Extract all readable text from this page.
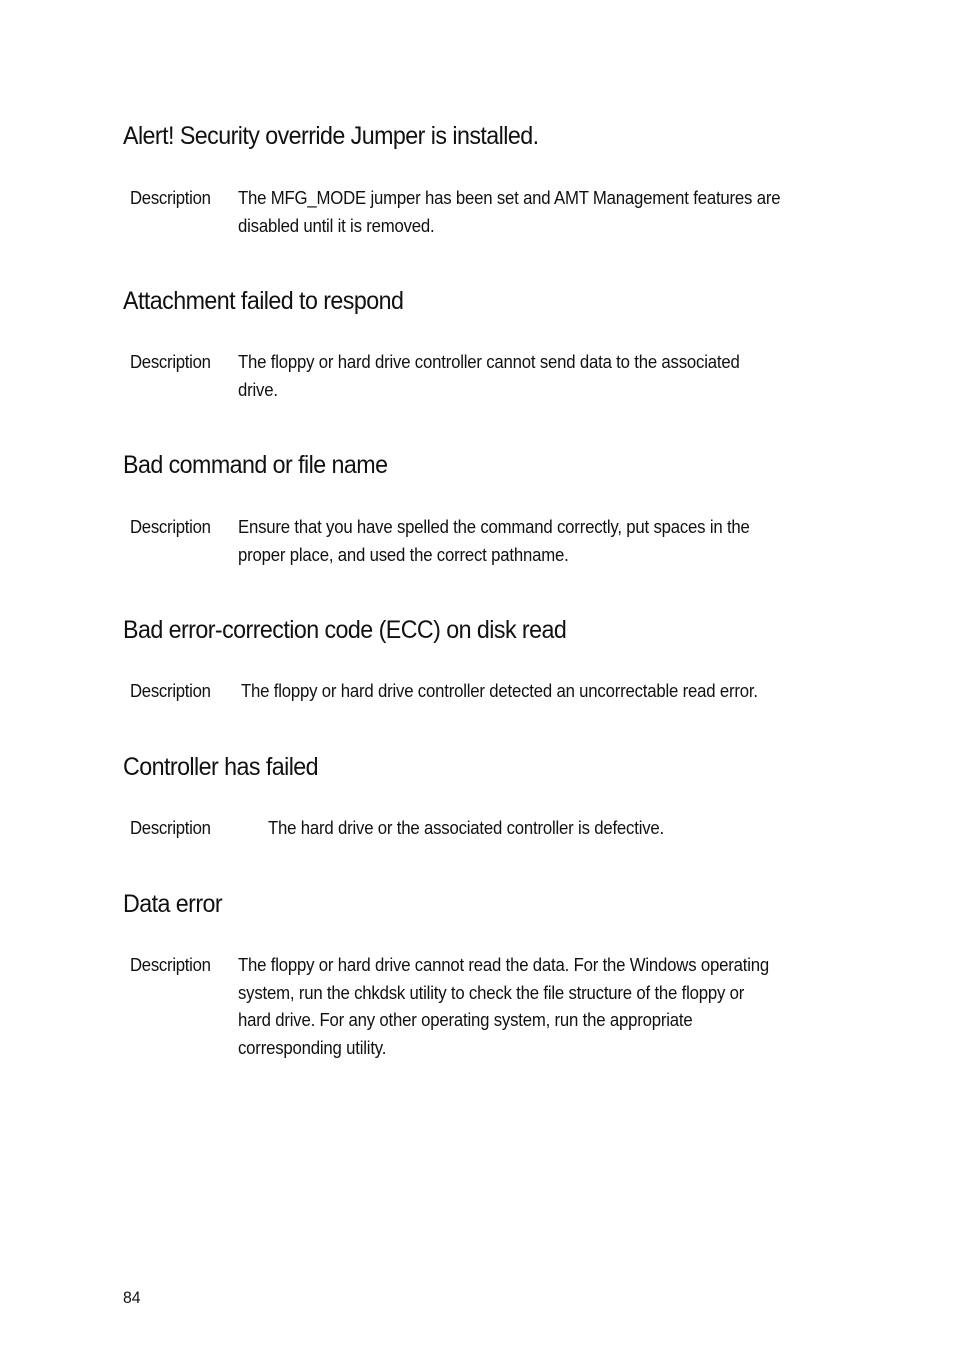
Alert! Security override Jumper is installed.
Description The MFG_MODE jumper has been set and AMT Management features are
disabled until it is removed.
Attachment failed to respond
Description The floppy or hard drive controller cannot send data to the associated
drive.
Bad command or file name
Description Ensure that you have spelled the command correctly, put spaces in the
proper place, and used the correct pathname.
Bad error-correction code (ECC) on disk read
Description The floppy or hard drive controller detected an uncorrectable read error.
Controller has failed
Description	The hard drive or the associated controller is defective.
Data error
Description The floppy or hard drive cannot read the data. For the Windows operating
system, run the chkdsk utility to check the file structure of the floppy or
hard drive. For any other operating system, run the appropriate
corresponding utility.
84
